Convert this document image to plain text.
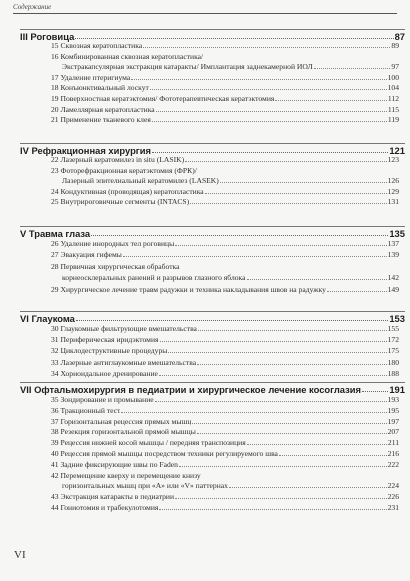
Содержание
III Роговица	87
15 Сквозная кератопластика	89
16 Комбинированная сквозная кератопластика/
Экстракапсулярная экстракция катаракты/ Имплантация заднекамерной ИОЛ	97
17 Удаление птеригиума	100
18 Конъюнктивальный лоскут	104
19 Поверхностная кератэктомия/ Фототерапевтическая кератэктомия	112
20 Ламеллярная кератопластика	115
21 Применение тканевого клея	119
IV Рефракционная хирургия	121
22 Лазерный кератомилез in situ (LASIK)	123
23 Фоторефракционная кератэктомия (ФРК)/
Лазерный эпителиальный кератомилез (LASEK)	126
24 Кондуктивная (проводящая) кератопластика	129
25 Внутрироговичные сегменты (INTACS)	131
V Травма глаза	135
26 Удаление инородных тел роговицы	137
27 Эвакуация гифемы	139
28 Первичная хирургическая обработка
корнеосклеральных ранений и разрывов глазного яблока	142
29 Хирургическое лечение травм радужки и техника накладывания швов на радужку	149
VI Глаукома	153
30 Глаукомные фильтрующие вмешательства	155
31 Периферическая иридэктомия	172
32 Циклодеструктивные процедуры	175
33 Лазерные антиглаукомные вмешательства	180
34 Хориоидальное дренирование	188
VII Офтальмохирургия в педиатрии и хирургическое лечение косоглазия	191
35 Зондирование и промывание	193
36 Тракционный тест	195
37 Горизонтальная рецессия прямых мышц	197
38 Резекция горизонтальной прямой мышцы	207
39 Рецессия нижней косой мышцы / передняя транспозиция	211
40 Рецессия прямой мышцы посредством техники регулируемого шва	216
41 Задние фиксирующие швы по Faden	222
42 Перемещение кверху и перемещение книзу
горизонтальных мышц при «A» или «V» паттернах	224
43 Экстракция катаракты в педиатрии	226
44 Гониотомия и трабекулотомия	231
VI
